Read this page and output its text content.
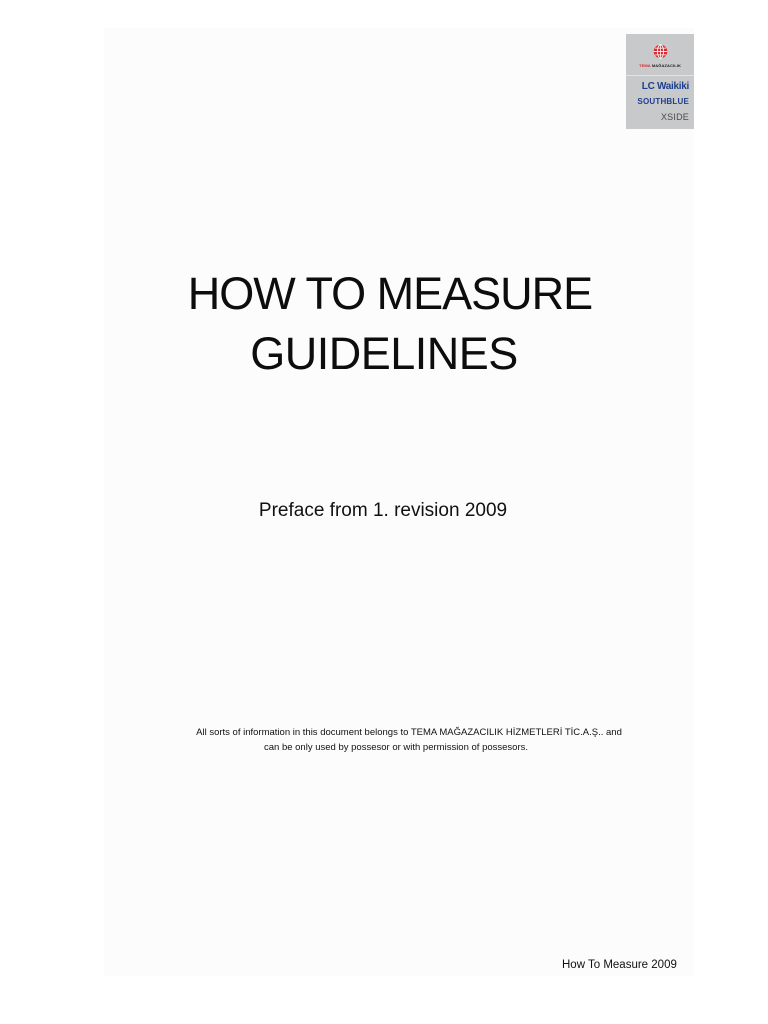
TEMA MAĞAZACILIK
LC Waikiki
SOUTHBLUE
XSIDE
HOW TO MEASURE
GUIDELINES
Preface from 1. revision 2009
All sorts of information in this document belongs to TEMA MAĞAZACILIK HİZMETLERİ TİC.A.Ş.. and
can be only used by possesor or with permission of possesors.
How To Measure 2009
